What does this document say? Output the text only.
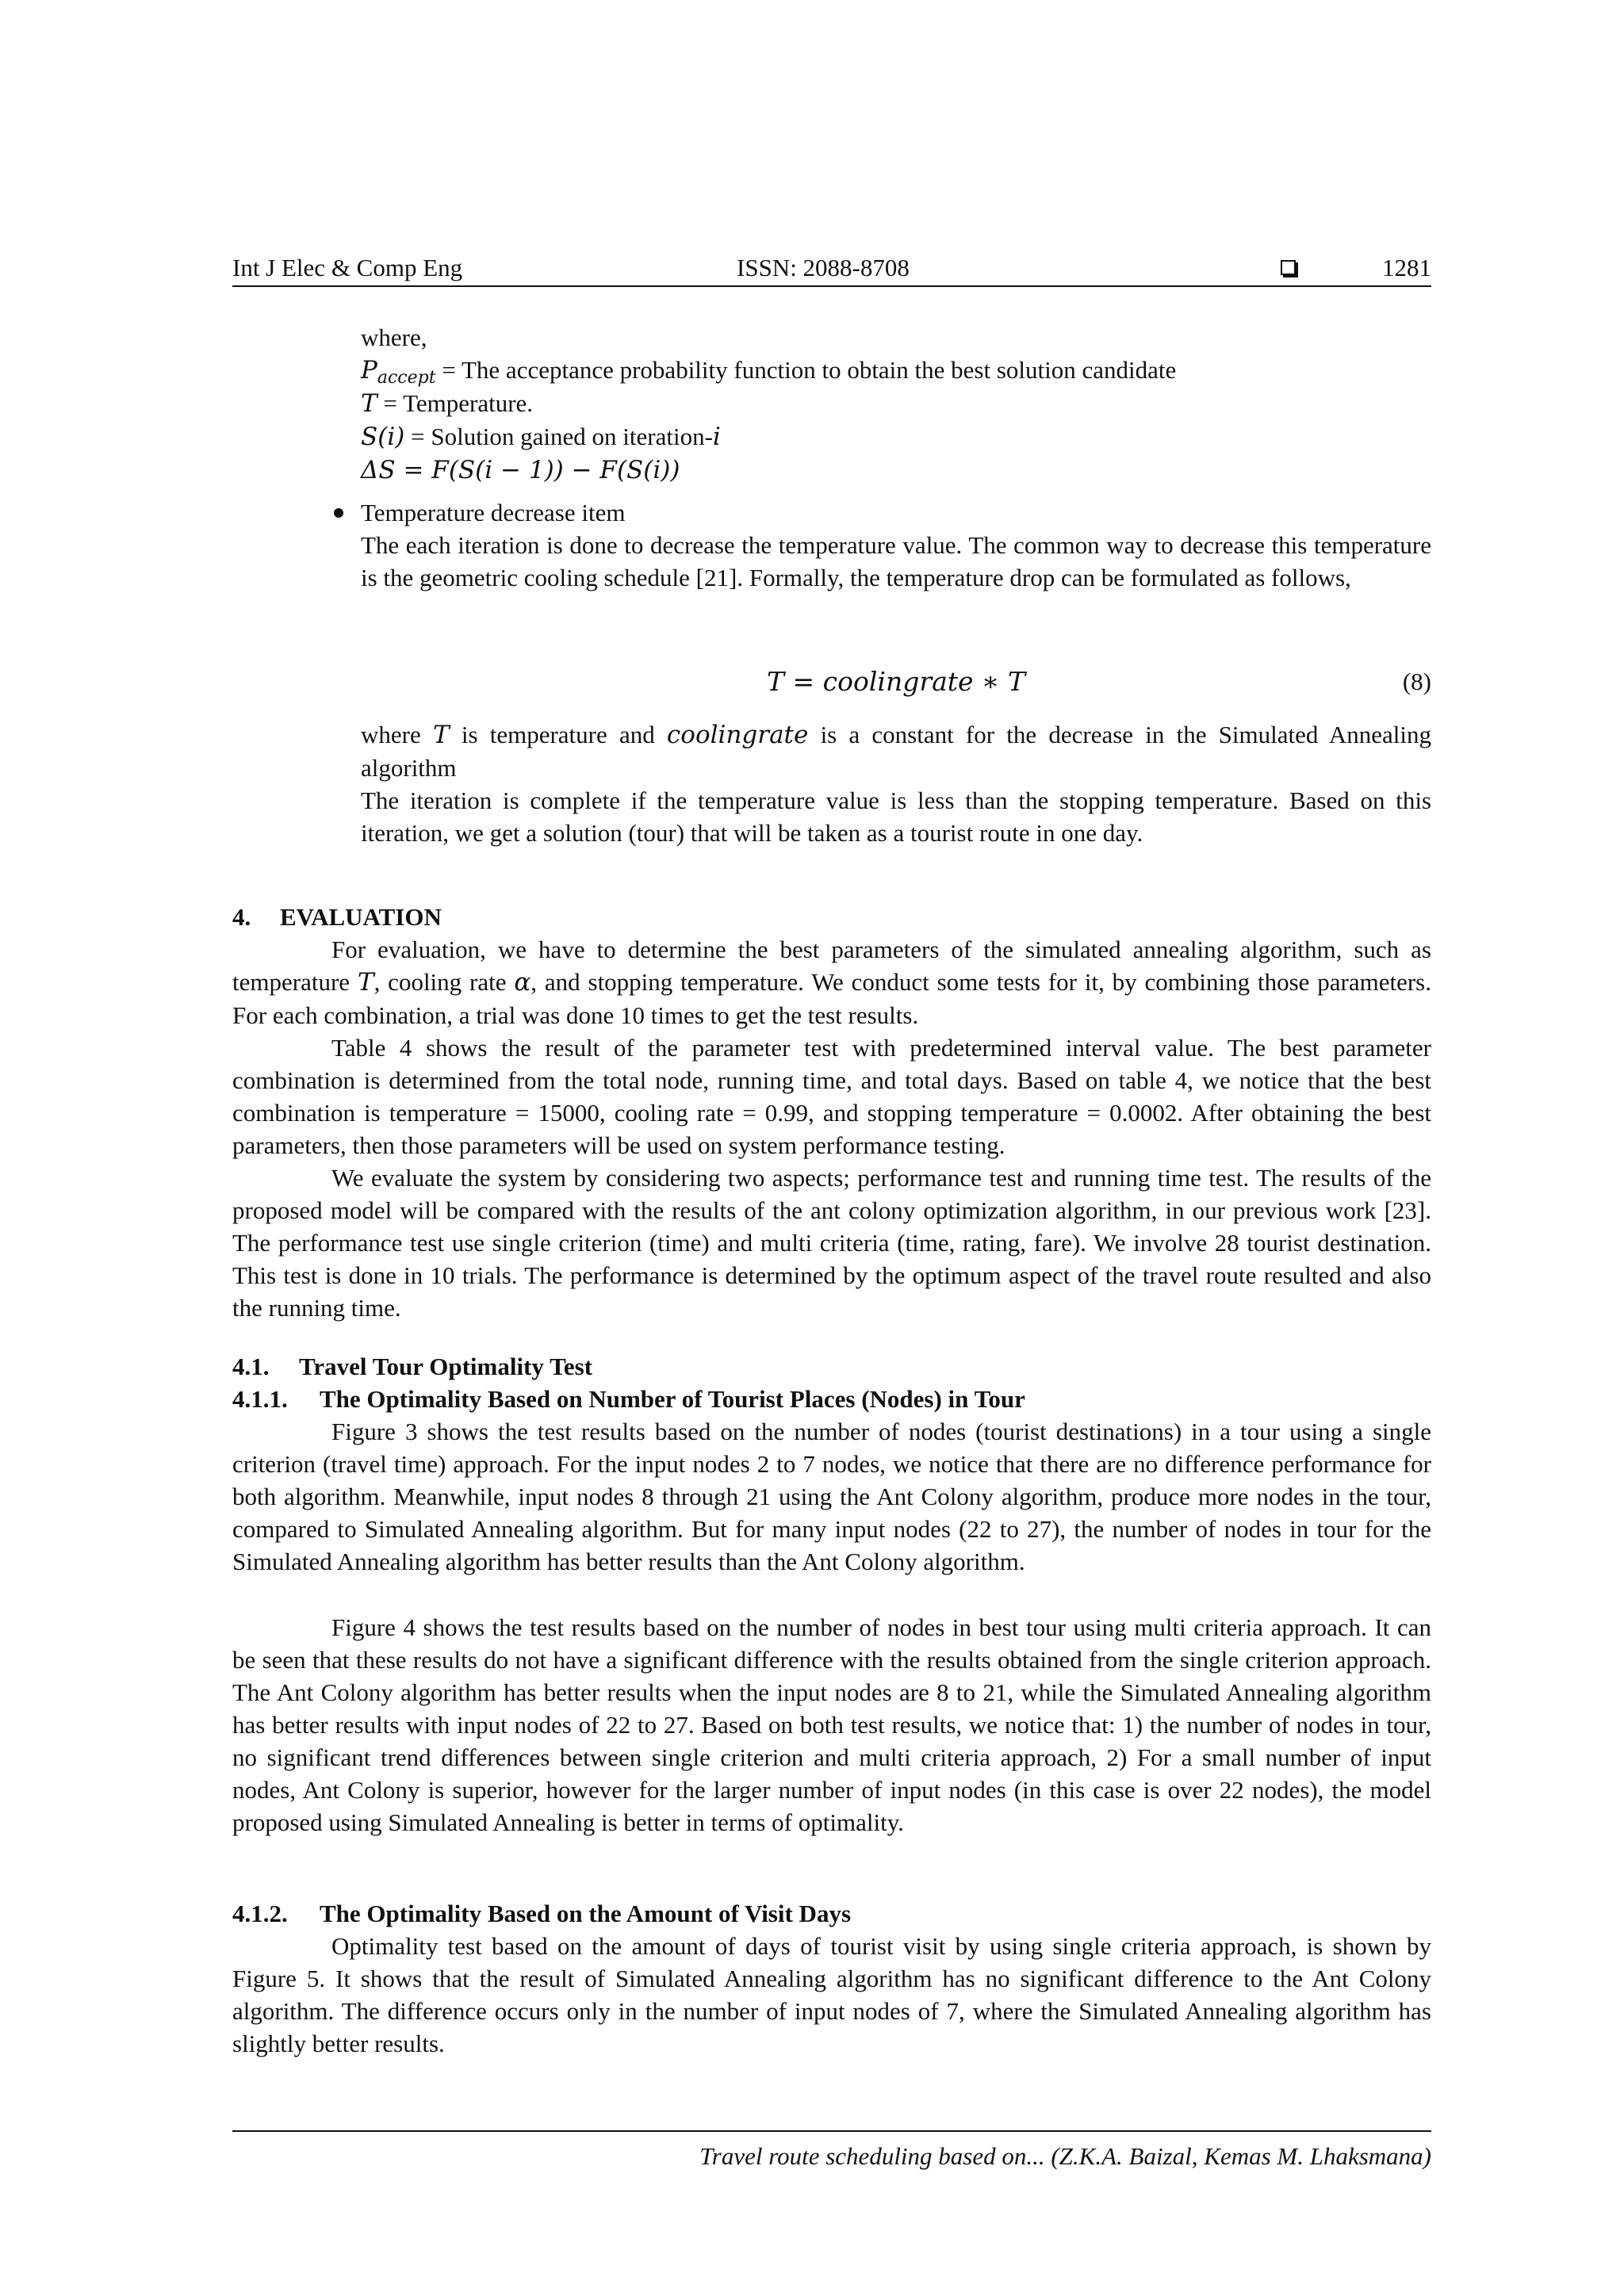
Int J Elec & Comp Eng	ISSN: 2088-8708	1281
where,
$P_{accept}$ = The acceptance probability function to obtain the best solution candidate
T = Temperature.
S(i) = Solution gained on iteration-i
ΔS = F(S(i − 1)) − F(S(i))
Temperature decrease item
The each iteration is done to decrease the temperature value. The common way to decrease this temperature is the geometric cooling schedule [21]. Formally, the temperature drop can be formulated as follows,
T = coolingrate ∗ T	(8)
where T is temperature and coolingrate is a constant for the decrease in the Simulated Annealing algorithm
The iteration is complete if the temperature value is less than the stopping temperature. Based on this iteration, we get a solution (tour) that will be taken as a tourist route in one day.
4. EVALUATION

For evaluation, we have to determine the best parameters of the simulated annealing algorithm, such as temperature T, cooling rate α, and stopping temperature. We conduct some tests for it, by combining those parameters. For each combination, a trial was done 10 times to get the test results.

Table 4 shows the result of the parameter test with predetermined interval value. The best parameter combination is determined from the total node, running time, and total days. Based on table 4, we notice that the best combination is temperature = 15000, cooling rate = 0.99, and stopping temperature = 0.0002. After obtaining the best parameters, then those parameters will be used on system performance testing.

We evaluate the system by considering two aspects; performance test and running time test. The results of the proposed model will be compared with the results of the ant colony optimization algorithm, in our previous work [23]. The performance test use single criterion (time) and multi criteria (time, rating, fare). We involve 28 tourist destination. This test is done in 10 trials. The performance is determined by the optimum aspect of the travel route resulted and also the running time.

4.1. Travel Tour Optimality Test
4.1.1. The Optimality Based on Number of Tourist Places (Nodes) in Tour

Figure 3 shows the test results based on the number of nodes (tourist destinations) in a tour using a single criterion (travel time) approach. For the input nodes 2 to 7 nodes, we notice that there are no difference performance for both algorithm. Meanwhile, input nodes 8 through 21 using the Ant Colony algorithm, produce more nodes in the tour, compared to Simulated Annealing algorithm. But for many input nodes (22 to 27), the number of nodes in tour for the Simulated Annealing algorithm has better results than the Ant Colony algorithm.

Figure 4 shows the test results based on the number of nodes in best tour using multi criteria approach. It can be seen that these results do not have a significant difference with the results obtained from the single criterion approach. The Ant Colony algorithm has better results when the input nodes are 8 to 21, while the Simulated Annealing algorithm has better results with input nodes of 22 to 27. Based on both test results, we notice that: 1) the number of nodes in tour, no significant trend differences between single criterion and multi criteria approach, 2) For a small number of input nodes, Ant Colony is superior, however for the larger number of input nodes (in this case is over 22 nodes), the model proposed using Simulated Annealing is better in terms of optimality.

4.1.2. The Optimality Based on the Amount of Visit Days

Optimality test based on the amount of days of tourist visit by using single criteria approach, is shown by Figure 5. It shows that the result of Simulated Annealing algorithm has no significant difference to the Ant Colony algorithm. The difference occurs only in the number of input nodes of 7, where the Simulated Annealing algorithm has slightly better results.

Travel route scheduling based on... (Z.K.A. Baizal, Kemas M. Lhaksmana)
